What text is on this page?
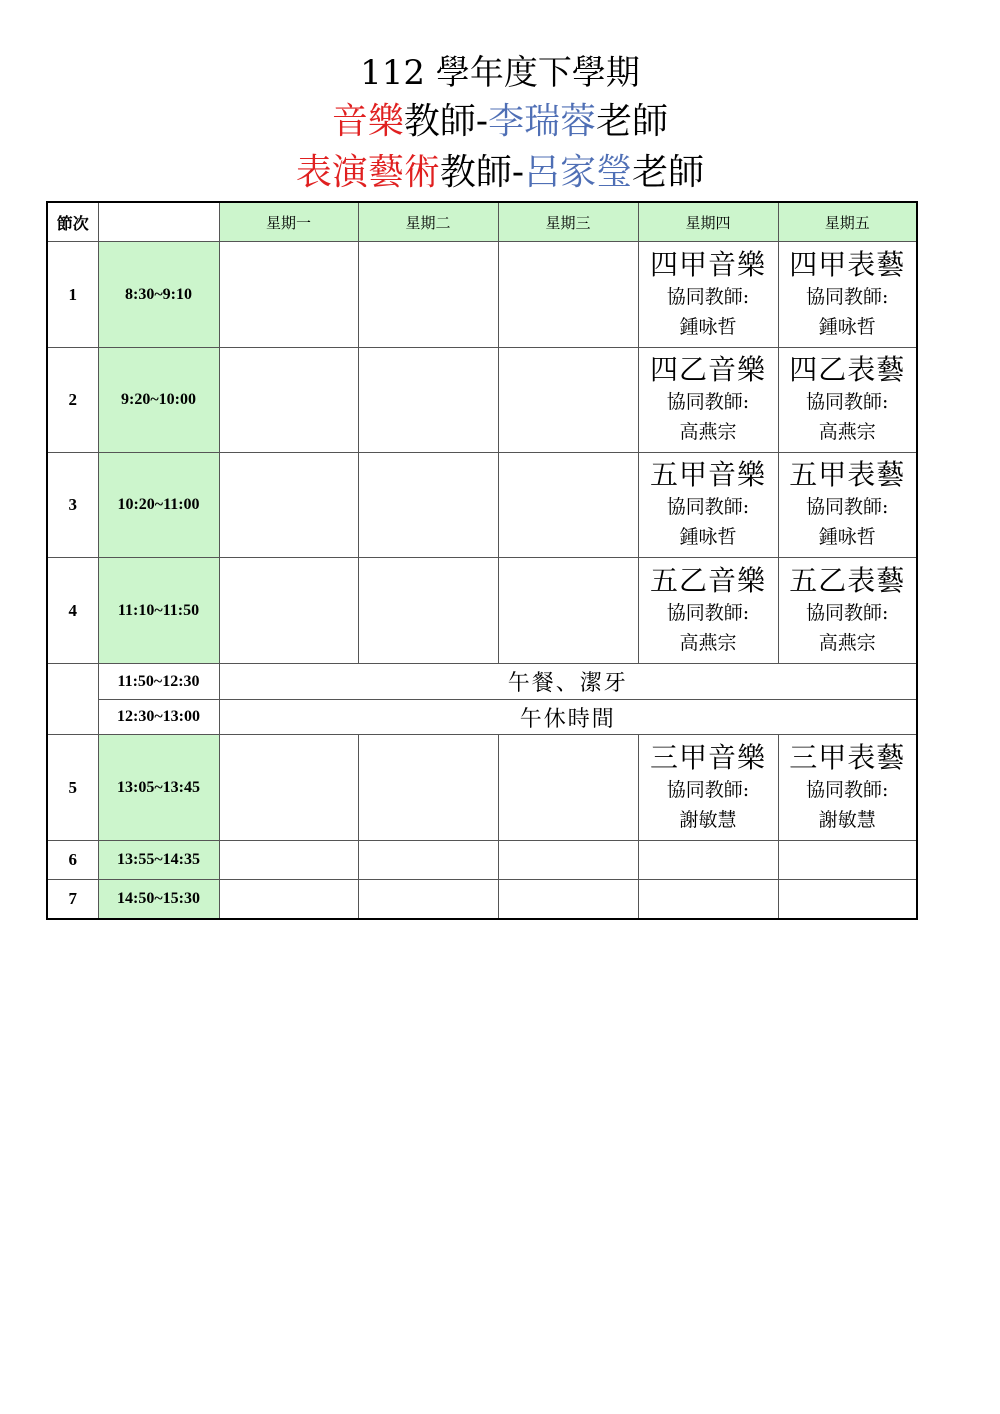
112 學年度下學期
音樂教師-李瑞蓉老師
表演藝術教師-呂家瑩老師
節次		星期一	星期二	星期三	星期四	星期五
1	8:30~9:10				四甲音樂
協同教師:
鍾咏哲	四甲表藝
協同教師:
鍾咏哲

2	9:20~10:00				四乙音樂
協同教師:
高燕宗	四乙表藝
協同教師:
高燕宗

3	10:20~11:00				五甲音樂
協同教師:
鍾咏哲	五甲表藝
協同教師:
鍾咏哲

4	11:10~11:50				五乙音樂
協同教師:
高燕宗	五乙表藝
協同教師:
高燕宗

	11:50~12:30	午餐、潔牙				
	12:30~13:00	午休時間				
5	13:05~13:45				三甲音樂
協同教師:
謝敏慧	三甲表藝
協同教師:
謝敏慧

6	13:55~14:35					
7	14:50~15:30					
